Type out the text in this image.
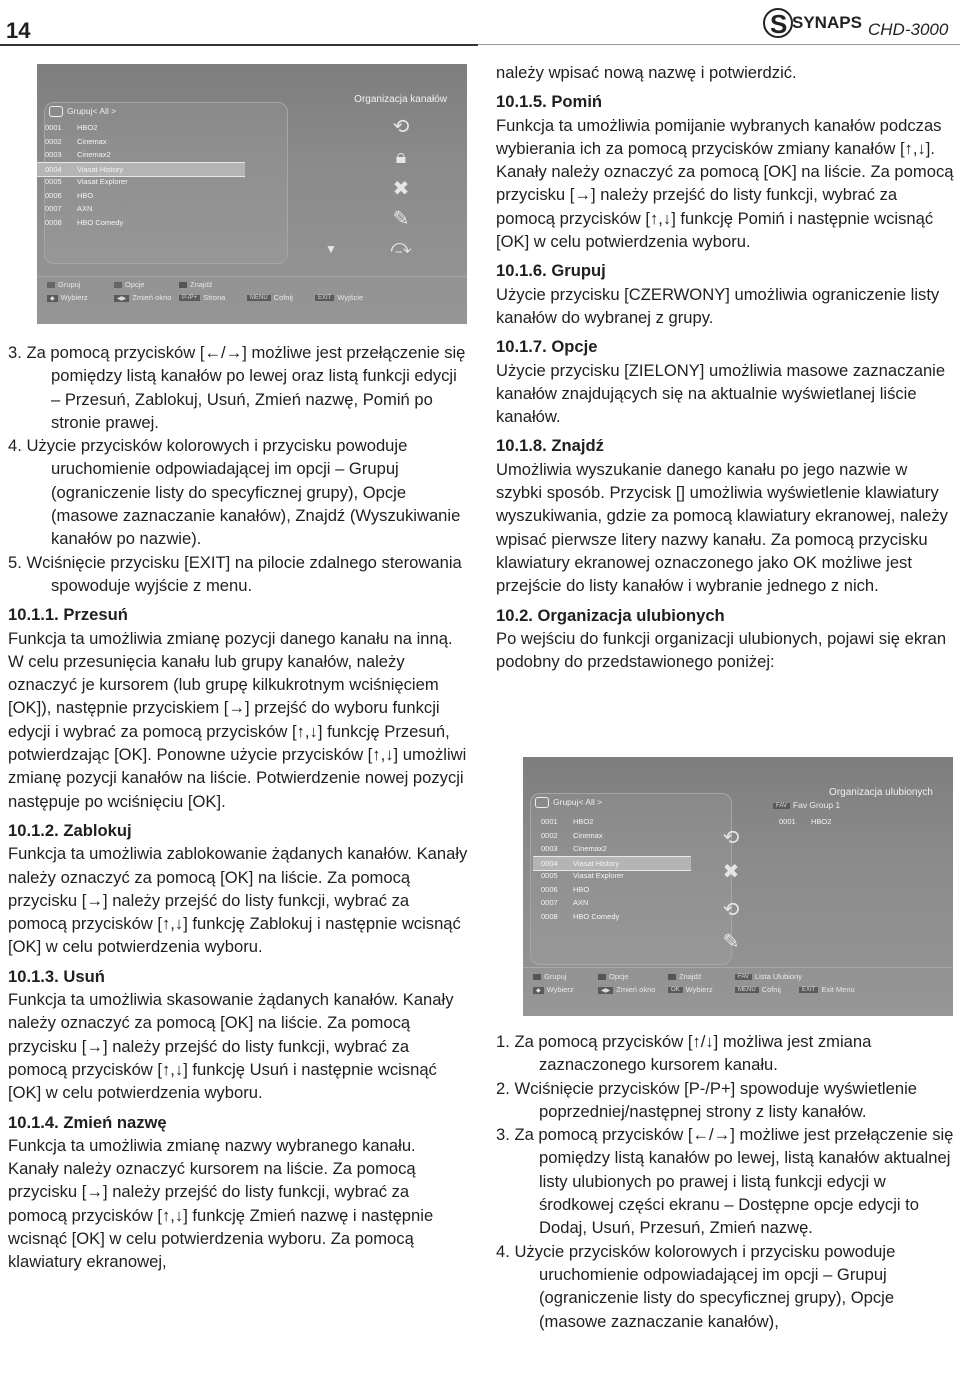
14	S SYNAPS CHD-3000
Organizacja kanałów
Grupuj< All >
0001 HBO2
0002 Cinemax
0003 Cinemax2
0004 Viasat History
0005 Viasat Explorer
0006 HBO
0007 AXN
0008 HBO Comedy
⟲
🔒︎
✖
✎
▼	⤼
Grupuj	Opcje	Znajdź
◆ Wybierz	◀▶ Zmień okno	P-/P+ Strona	MENU Cofnij	EXIT Wyjście

3. Za pomocą przycisków [←/→] możliwe jest przełączenie się pomiędzy listą kanałów po lewej oraz listą funkcji edycji – Przesuń, Zablokuj, Usuń, Zmień nazwę, Pomiń po stronie prawej.

4. Użycie przycisków kolorowych i przycisku powoduje uruchomienie odpowiadającej im opcji – Grupuj (ograniczenie listy do specyficznej grupy), Opcje (masowe zaznaczanie kanałów), Znajdź (Wyszukiwanie kanałów po nazwie).

5. Wciśnięcie przycisku [EXIT] na pilocie zdalnego sterowania spowoduje wyjście z menu.

10.1.1. Przesuń

Funkcja ta umożliwia zmianę pozycji danego kanału na inną. W celu przesunięcia kanału lub grupy kanałów, należy oznaczyć je kursorem (lub grupę kilkukrotnym wciśnięciem [OK]), następnie przyciskiem [→] przejść do wyboru funkcji edycji i wybrać za pomocą przycisków [↑,↓] funkcję Przesuń, potwierdzając [OK]. Ponowne użycie przycisków [↑,↓] umożliwi zmianę pozycji kanałów na liście. Potwierdzenie nowej pozycji następuje po wciśnięciu [OK].

10.1.2. Zablokuj

Funkcja ta umożliwia zablokowanie żądanych kanałów. Kanały należy oznaczyć za pomocą [OK] na liście. Za pomocą przycisku [→] należy przejść do listy funkcji, wybrać za pomocą przycisków [↑,↓] funkcję Zablokuj i następnie wcisnąć [OK] w celu potwierdzenia wyboru.

10.1.3. Usuń

Funkcja ta umożliwia skasowanie żądanych kanałów. Kanały należy oznaczyć za pomocą [OK] na liście. Za pomocą przycisku [→] należy przejść do listy funkcji, wybrać za pomocą przycisków [↑,↓] funkcję Usuń i następnie wcisnąć [OK] w celu potwierdzenia wyboru.

10.1.4. Zmień nazwę

Funkcja ta umożliwia zmianę nazwy wybranego kanału. Kanały należy oznaczyć kursorem na liście. Za pomocą przycisku [→] należy przejść do listy funkcji, wybrać za pomocą przycisków [↑,↓] funkcję Zmień nazwę i następnie wcisnąć [OK] w celu potwierdzenia wyboru. Za pomocą klawiatury ekranowej,

należy wpisać nową nazwę i potwierdzić.

10.1.5. Pomiń

Funkcja ta umożliwia pomijanie wybranych kanałów podczas wybierania ich za pomocą przycisków zmiany kanałów [↑,↓]. Kanały należy oznaczyć za pomocą [OK] na liście. Za pomocą przycisku [→] należy przejść do listy funkcji, wybrać za pomocą przycisków [↑,↓] funkcję Pomiń i następnie wcisnąć [OK] w celu potwierdzenia wyboru.

10.1.6. Grupuj

Użycie przycisku [CZERWONY] umożliwia ograniczenie listy kanałów do wybranej z grupy.

10.1.7. Opcje

Użycie przycisku [ZIELONY] umożliwia masowe zaznaczanie kanałów znajdujących się na aktualnie wyświetlanej liście kanałów.

10.1.8. Znajdź

Umożliwia wyszukanie danego kanału po jego nazwie w szybki sposób. Przycisk [] umożliwia wyświetlenie klawiatury wyszukiwania, gdzie za pomocą klawiatury ekranowej, należy wpisać pierwsze litery nazwy kanału. Za pomocą przycisku klawiatury ekranowej oznaczonego jako OK możliwe jest przejście do listy kanałów i wybranie jednego z nich.

10.2. Organizacja ulubionych

Po wejściu do funkcji organizacji ulubionych, pojawi się ekran podobny do przedstawionego poniżej:

Organizacja ulubionych
Grupuj< All >	FAV Fav Group 1
0001 HBO2
0001 HBO2
0002 Cinemax
0003 Cinemax2
0004 Viasat History
0005 Viasat Explorer
0006 HBO
0007 AXN
0008 HBO Comedy
⟲
✖
⟲
✎
Grupuj	Opcje	Znajdź	FAV Lista Ulubiony
◆ Wybierz	◀▶ Zmień okno	OK Wybierz	MENU Cofnij	EXIT Exit Menu

1. Za pomocą przycisków [↑/↓] możliwa jest zmiana zaznaczonego kursorem kanału.

2. Wciśnięcie przycisków [P-/P+] spowoduje wyświetlenie poprzedniej/następnej strony z listy kanałów.

3. Za pomocą przycisków [←/→] możliwe jest przełączenie się pomiędzy listą kanałów po lewej, listą kanałów aktualnej listy ulubionych po prawej i listą funkcji edycji w środkowej części ekranu – Dostępne opcje edycji to Dodaj, Usuń, Przesuń, Zmień nazwę.

4. Użycie przycisków kolorowych i przycisku powoduje uruchomienie odpowiadającej im opcji – Grupuj (ograniczenie listy do specyficznej grupy), Opcje (masowe zaznaczanie kanałów),
